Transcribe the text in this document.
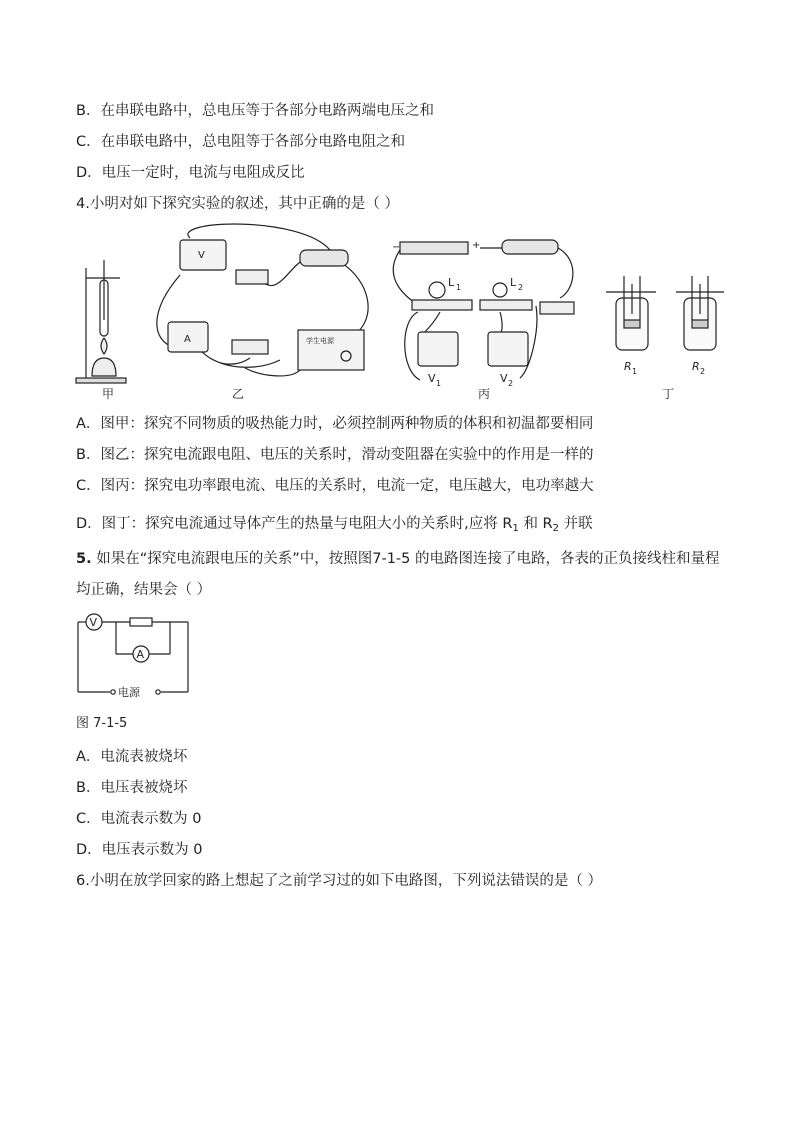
B．在串联电路中，总电压等于各部分电路两端电压之和
C．在串联电路中，总电阻等于各部分电路电阻之和
D．电压一定时，电流与电阻成反比
4.小明对如下探究实验的叙述，其中正确的是（ ）
甲
V
A	学生电源
乙
−	+
L 1	L 2
V 1	V 2
丙
R 1	R 2
丁
A．图甲：探究不同物质的吸热能力时，必须控制两种物质的体积和初温都要相同
B．图乙：探究电流跟电阻、电压的关系时，滑动变阻器在实验中的作用是一样的
C．图丙：探究电功率跟电流、电压的关系时，电流一定，电压越大，电功率越大
D．图丁：探究电流通过导体产生的热量与电阻大小的关系时,应将 $R_1$ 和 $R_2$ 并联
5. 如果在“探究电流跟电压的关系”中，按照图7-1-5 的电路图连接了电路，各表的正负接线柱和量程
均正确，结果会（ ）
V
A
电源
图 7-1-5
A．电流表被烧坏
B．电压表被烧坏
C．电流表示数为 0
D．电压表示数为 0
6.小明在放学回家的路上想起了之前学习过的如下电路图，下列说法错误的是（ ）
